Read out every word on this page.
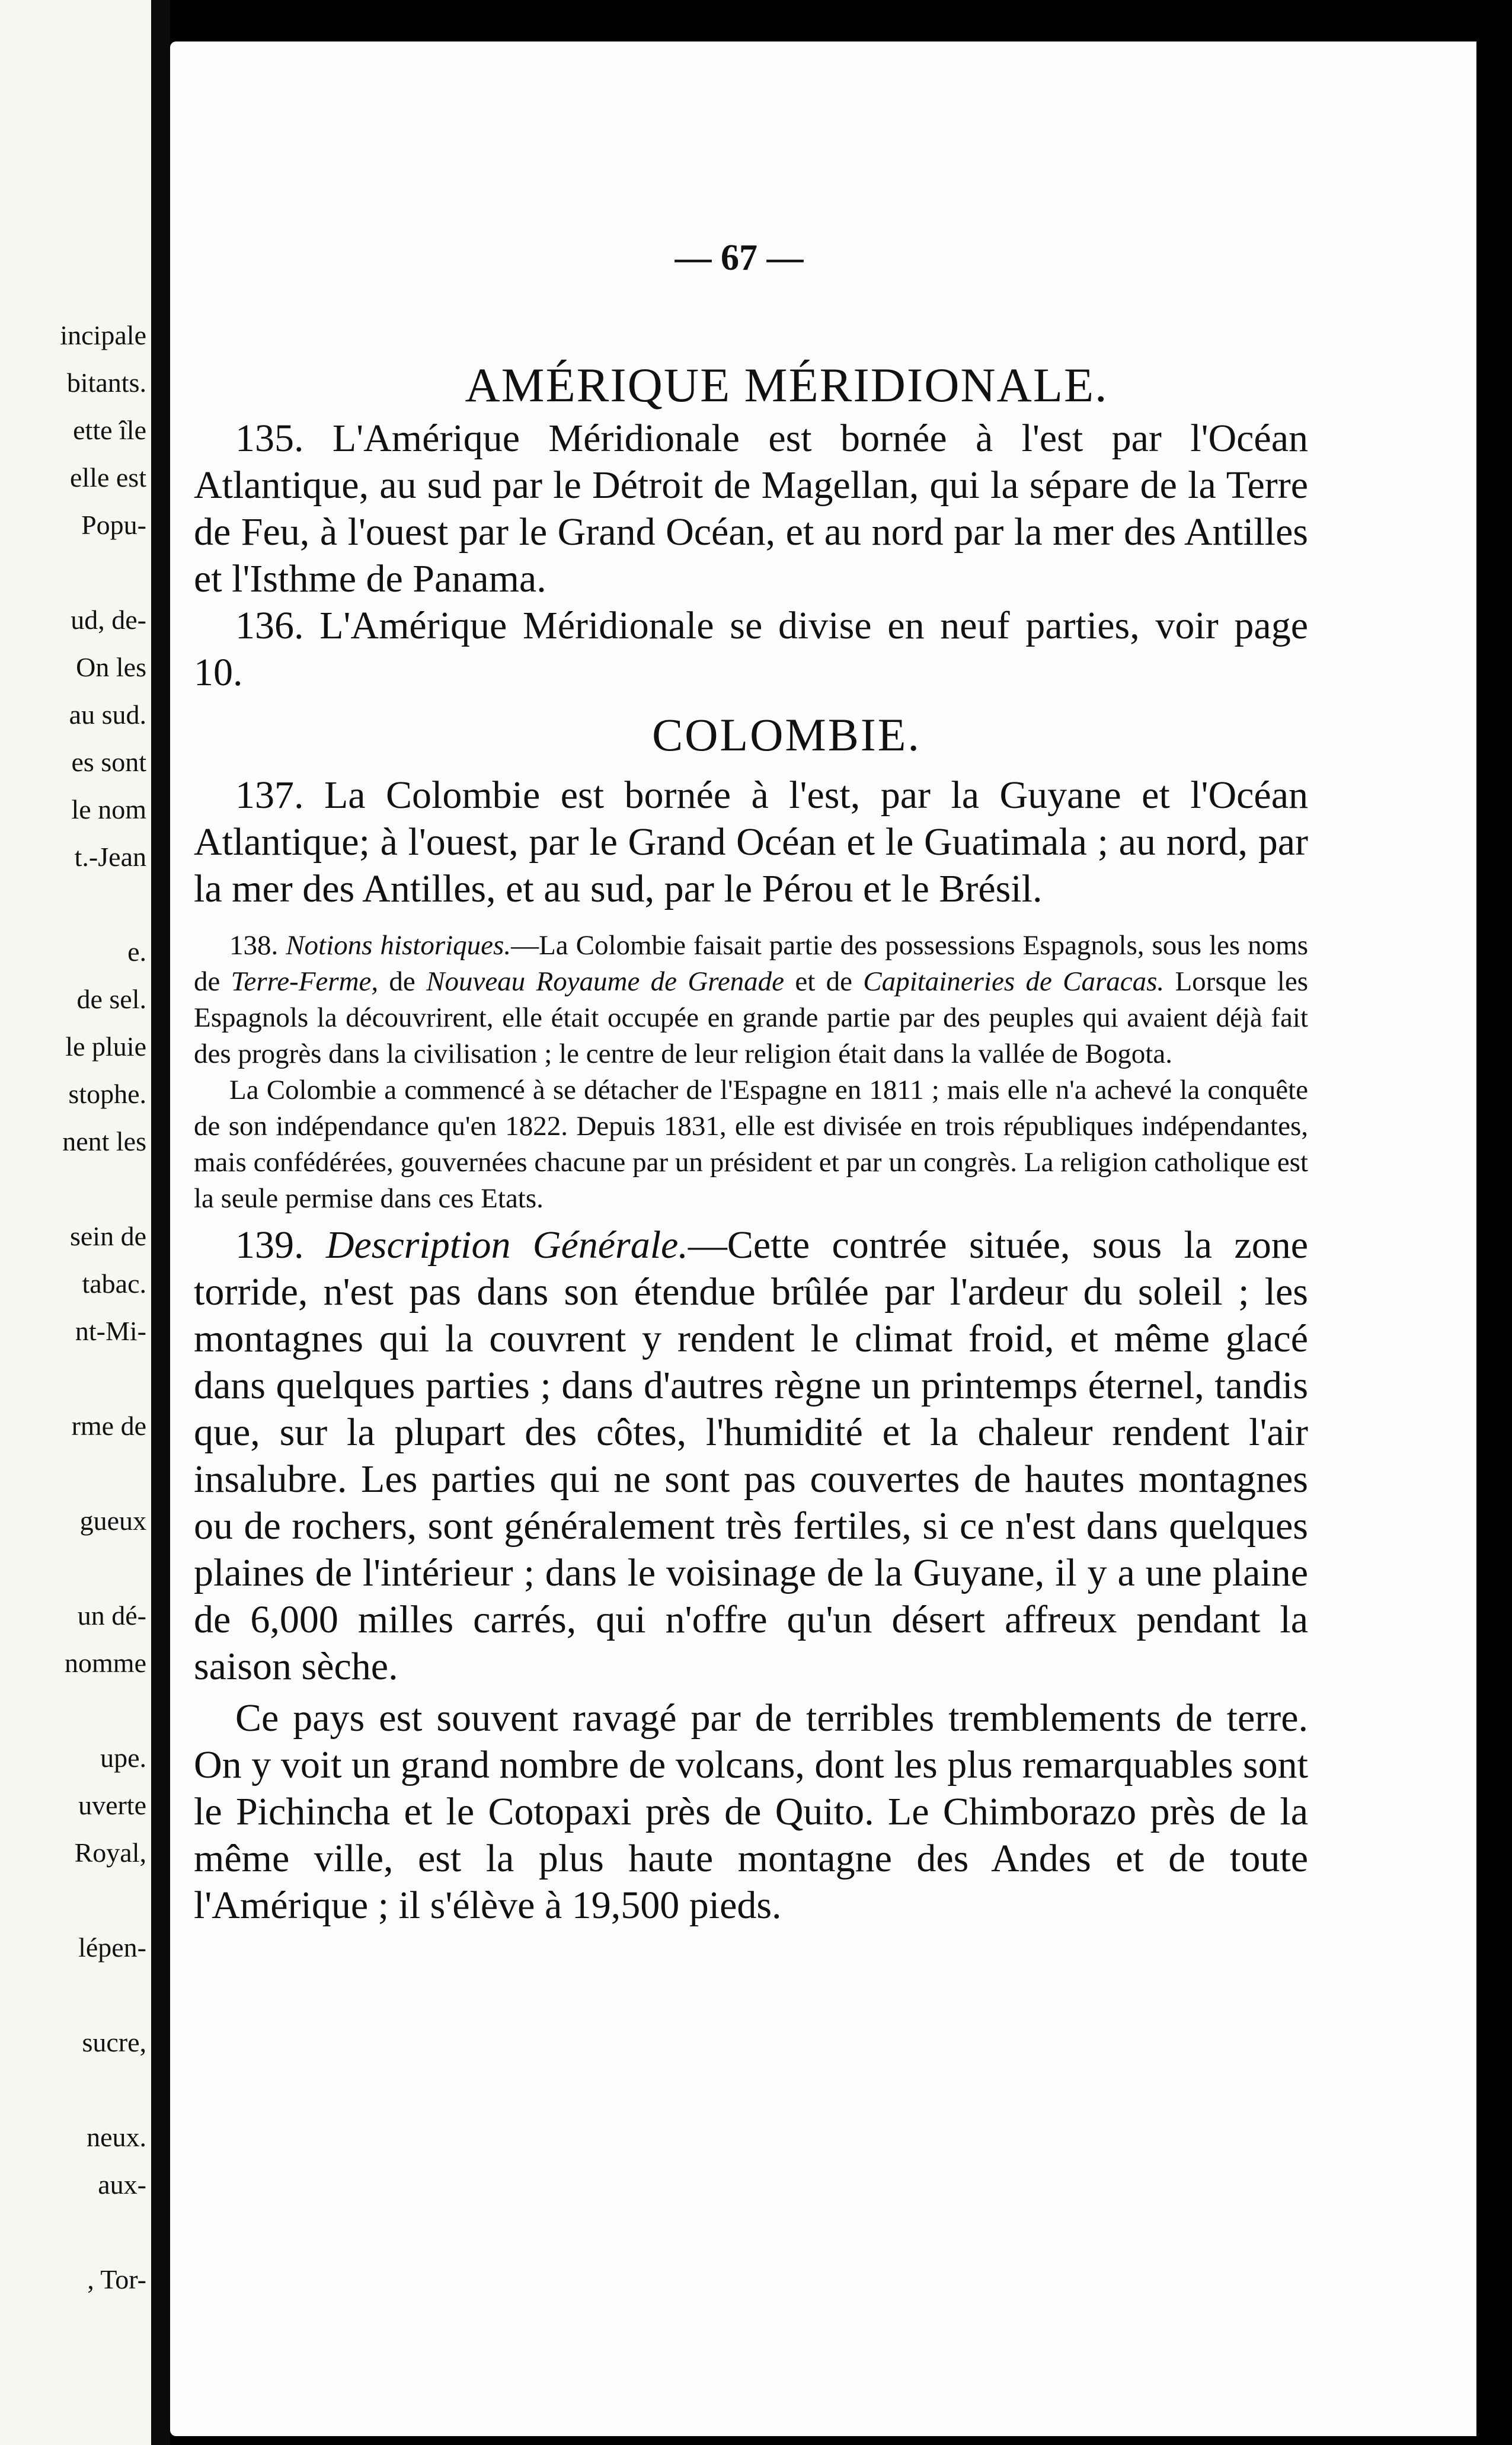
incipale
bitants.
ette île
elle est
Popu-
ud, de-
On les
au sud.
es sont
le nom
t.-Jean
e.
de sel.
le pluie
stophe.
nent les
sein de
tabac.
nt-Mi-
rme de
gueux
un dé-
nomme
upe.
uverte
Royal,
lépen-
sucre,
neux.
aux-
, Tor-
— 67 —
AMÉRIQUE MÉRIDIONALE.

135. L'Amérique Méridionale est bornée à l'est par l'Océan Atlantique, au sud par le Détroit de Magellan, qui la sépare de la Terre de Feu, à l'ouest par le Grand Océan, et au nord par la mer des Antilles et l'Isthme de Panama.

136. L'Amérique Méridionale se divise en neuf parties, voir page 10.

COLOMBIE.

137. La Colombie est bornée à l'est, par la Guyane et l'Océan Atlantique; à l'ouest, par le Grand Océan et le Guatimala ; au nord, par la mer des Antilles, et au sud, par le Pérou et le Brésil.

138. Notions historiques.—La Colombie faisait partie des possessions Espagnols, sous les noms de Terre-Ferme, de Nouveau Royaume de Grenade et de Capitaineries de Caracas. Lorsque les Espagnols la découvrirent, elle était occupée en grande partie par des peuples qui avaient déjà fait des progrès dans la civilisation ; le centre de leur religion était dans la vallée de Bogota.

La Colombie a commencé à se détacher de l'Espagne en 1811 ; mais elle n'a achevé la conquête de son indépendance qu'en 1822. Depuis 1831, elle est divisée en trois républiques indépendantes, mais confédérées, gouvernées chacune par un président et par un congrès. La religion catholique est la seule permise dans ces Etats.

139. Description Générale.—Cette contrée située, sous la zone torride, n'est pas dans son étendue brûlée par l'ardeur du soleil ; les montagnes qui la couvrent y rendent le climat froid, et même glacé dans quelques parties ; dans d'autres règne un printemps éternel, tandis que, sur la plupart des côtes, l'humidité et la chaleur rendent l'air insalubre. Les parties qui ne sont pas couvertes de hautes montagnes ou de rochers, sont généralement très fertiles, si ce n'est dans quelques plaines de l'intérieur ; dans le voisinage de la Guyane, il y a une plaine de 6,000 milles carrés, qui n'offre qu'un désert affreux pendant la saison sèche.

Ce pays est souvent ravagé par de terribles tremblements de terre. On y voit un grand nombre de volcans, dont les plus remarquables sont le Pichincha et le Cotopaxi près de Quito. Le Chimborazo près de la même ville, est la plus haute montagne des Andes et de toute l'Amérique ; il s'élève à 19,500 pieds.
